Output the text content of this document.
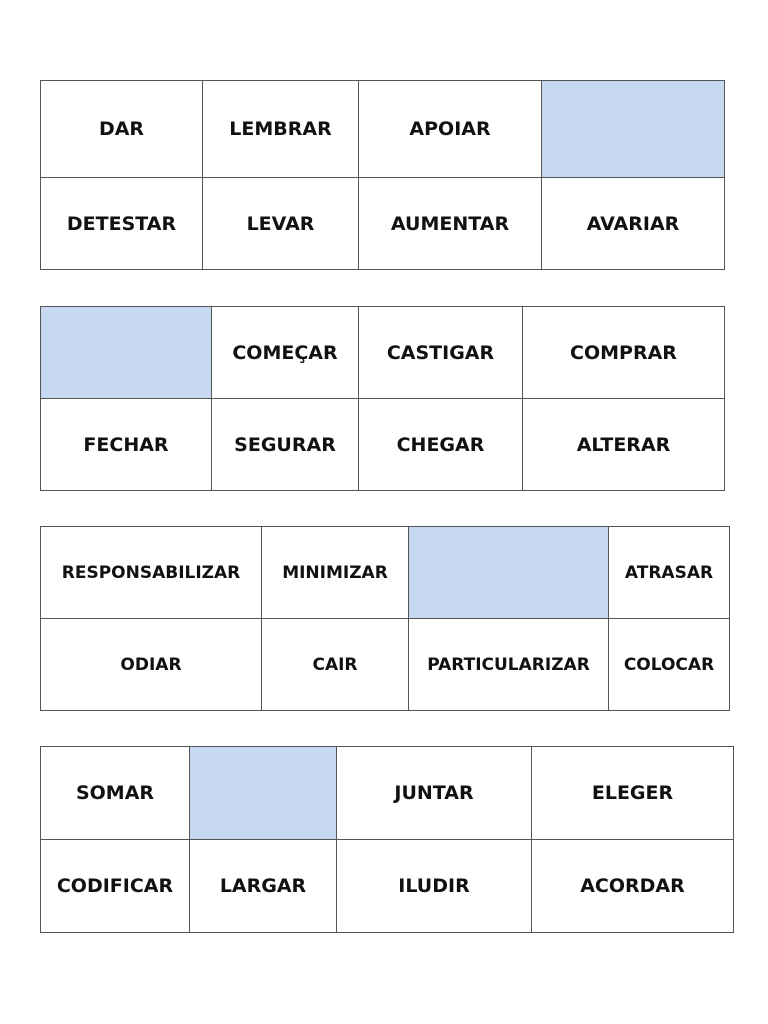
DAR	LEMBRAR	APOIAR	
DETESTAR	LEVAR	AUMENTAR	AVARIAR
	COMEÇAR	CASTIGAR	COMPRAR
FECHAR	SEGURAR	CHEGAR	ALTERAR
RESPONSABILIZAR	MINIMIZAR		ATRASAR
ODIAR	CAIR	PARTICULARIZAR	COLOCAR
SOMAR		JUNTAR	ELEGER
CODIFICAR	LARGAR	ILUDIR	ACORDAR
